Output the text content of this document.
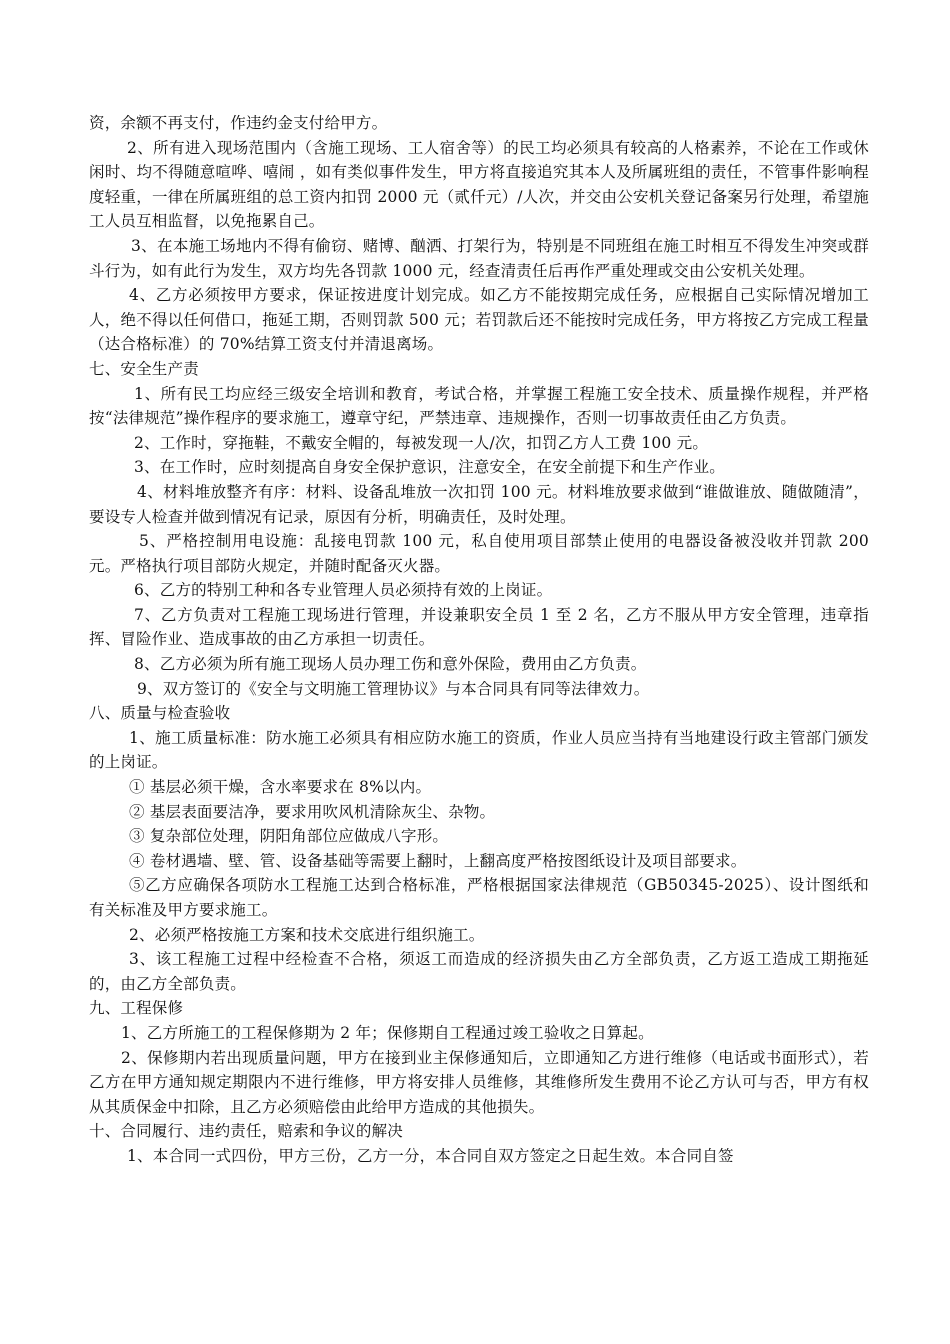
资，余额不再支付，作违约金支付给甲方。

2、所有进入现场范围内（含施工现场、工人宿舍等）的民工均必须具有较高的人格素养，不论在工作或休闲时、均不得随意喧哗、嘻闹 ，如有类似事件发生，甲方将直接追究其本人及所属班组的责任，不管事件影响程度轻重，一律在所属班组的总工资内扣罚 2000 元（贰仟元）/人次，并交由公安机关登记备案另行处理，希望施工人员互相监督，以免拖累自己。

3、在本施工场地内不得有偷窃、赌博、酗洒、打架行为，特别是不同班组在施工时相互不得发生冲突或群斗行为，如有此行为发生，双方均先各罚款 1000 元，经查清责任后再作严重处理或交由公安机关处理。

4、乙方必须按甲方要求，保证按进度计划完成。如乙方不能按期完成任务，应根据自己实际情况增加工人，绝不得以任何借口，拖延工期，否则罚款 500 元；若罚款后还不能按时完成任务，甲方将按乙方完成工程量（达合格标准）的 70%结算工资支付并清退离场。

七、安全生产责

1、所有民工均应经三级安全培训和教育，考试合格，并掌握工程施工安全技术、质量操作规程，并严格按“法律规范”操作程序的要求施工，遵章守纪，严禁违章、违规操作，否则一切事故责任由乙方负责。

2、工作时，穿拖鞋，不戴安全帽的，每被发现一人/次，扣罚乙方人工费 100 元。

3、在工作时，应时刻提高自身安全保护意识，注意安全，在安全前提下和生产作业。

4、材料堆放整齐有序：材料、设备乱堆放一次扣罚 100 元。材料堆放要求做到“谁做谁放、随做随清”，要设专人检查并做到情况有记录，原因有分析，明确责任，及时处理。

5、严格控制用电设施：乱接电罚款 100 元，私自使用项目部禁止使用的电器设备被没收并罚款 200 元。严格执行项目部防火规定，并随时配备灭火器。

6、乙方的特别工种和各专业管理人员必须持有效的上岗证。

7、乙方负责对工程施工现场进行管理，并设兼职安全员 1 至 2 名，乙方不服从甲方安全管理，违章指挥、冒险作业、造成事故的由乙方承担一切责任。

8、乙方必须为所有施工现场人员办理工伤和意外保险，费用由乙方负责。

9、双方签订的《安全与文明施工管理协议》与本合同具有同等法律效力。

八、质量与检查验收

1、施工质量标准：防水施工必须具有相应防水施工的资质，作业人员应当持有当地建设行政主管部门颁发的上岗证。

① 基层必须干燥，含水率要求在 8%以内。

② 基层表面要洁净，要求用吹风机清除灰尘、杂物。

③ 复杂部位处理，阴阳角部位应做成八字形。

④ 卷材遇墙、壁、管、设备基础等需要上翻时，上翻高度严格按图纸设计及项目部要求。

⑤乙方应确保各项防水工程施工达到合格标准，严格根据国家法律规范（GB50345-2025）、设计图纸和有关标准及甲方要求施工。

2、必须严格按施工方案和技术交底进行组织施工。

3、该工程施工过程中经检查不合格，须返工而造成的经济损失由乙方全部负责，乙方返工造成工期拖延的，由乙方全部负责。

九、工程保修

1、乙方所施工的工程保修期为 2 年；保修期自工程通过竣工验收之日算起。

2、保修期内若出现质量问题，甲方在接到业主保修通知后，立即通知乙方进行维修（电话或书面形式），若乙方在甲方通知规定期限内不进行维修，甲方将安排人员维修，其维修所发生费用不论乙方认可与否，甲方有权从其质保金中扣除，且乙方必须赔偿由此给甲方造成的其他损失。

十、合同履行、违约责任，赔索和争议的解决

1、本合同一式四份，甲方三份，乙方一分，本合同自双方签定之日起生效。本合同自签
